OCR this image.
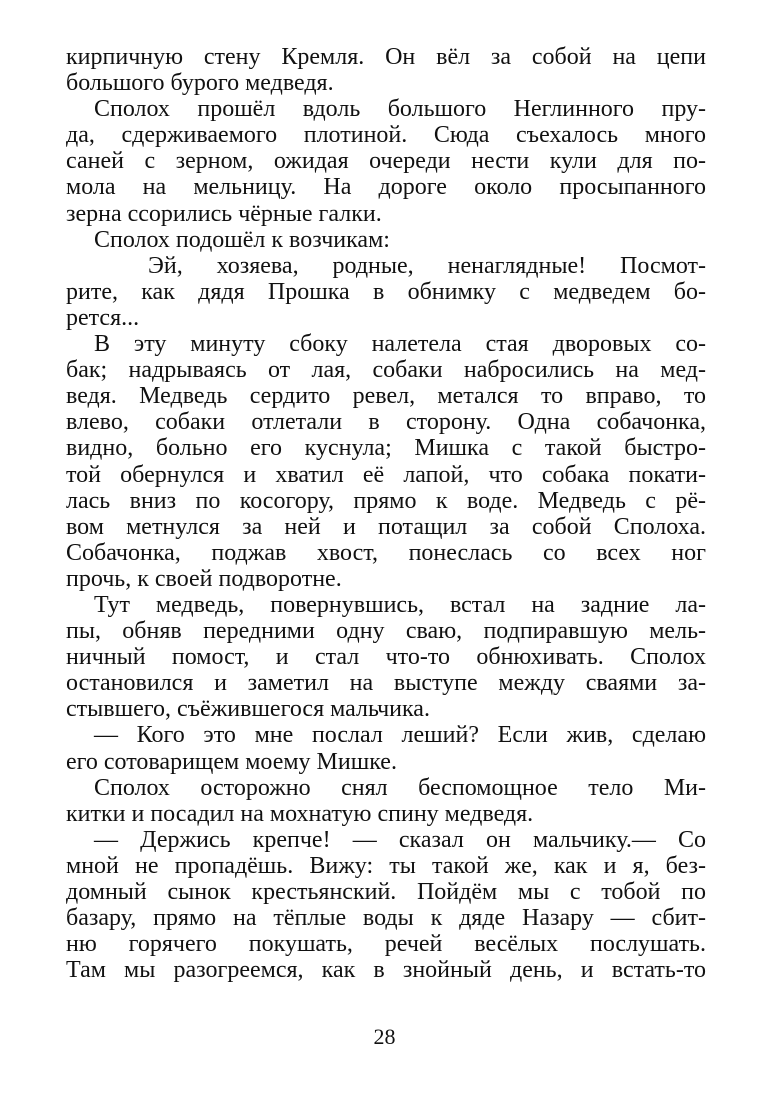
кирпичную стену Кремля. Он вёл за собой на цепи
большого бурого медведя.
Сполох прошёл вдоль большого Неглинного пру-
да, сдерживаемого плотиной. Сюда съехалось много
саней с зерном, ожидая очереди нести кули для по-
мола на мельницу. На дороге около просыпанного
зерна ссорились чёрные галки.
Сполох подошёл к возчикам:
Эй, хозяева, родные, ненаглядные! Посмот-
рите, как дядя Прошка в обнимку с медведем бо-
рется...
В эту минуту сбоку налетела стая дворовых со-
бак; надрываясь от лая, собаки набросились на мед-
ведя. Медведь сердито ревел, метался то вправо, то
влево, собаки отлетали в сторону. Одна собачонка,
видно, больно его куснула; Мишка с такой быстро-
той обернулся и хватил её лапой, что собака покати-
лась вниз по косогору, прямо к воде. Медведь с рё-
вом метнулся за ней и потащил за собой Сполоха.
Собачонка, поджав хвост, понеслась со всех ног
прочь, к своей подворотне.
Тут медведь, повернувшись, встал на задние ла-
пы, обняв передними одну сваю, подпиравшую мель-
ничный помост, и стал что-то обнюхивать. Сполох
остановился и заметил на выступе между сваями за-
стывшего, съёжившегося мальчика.
— Кого это мне послал леший? Если жив, сделаю
его сотоварищем моему Мишке.
Сполох осторожно снял беспомощное тело Ми-
китки и посадил на мохнатую спину медведя.
— Держись крепче! — сказал он мальчику.— Со
мной не пропадёшь. Вижу: ты такой же, как и я, без-
домный сынок крестьянский. Пойдём мы с тобой по
базару, прямо на тёплые воды к дяде Назару — сбит-
ню горячего покушать, речей весёлых послушать.
Там мы разогреемся, как в знойный день, и встать-то
28
